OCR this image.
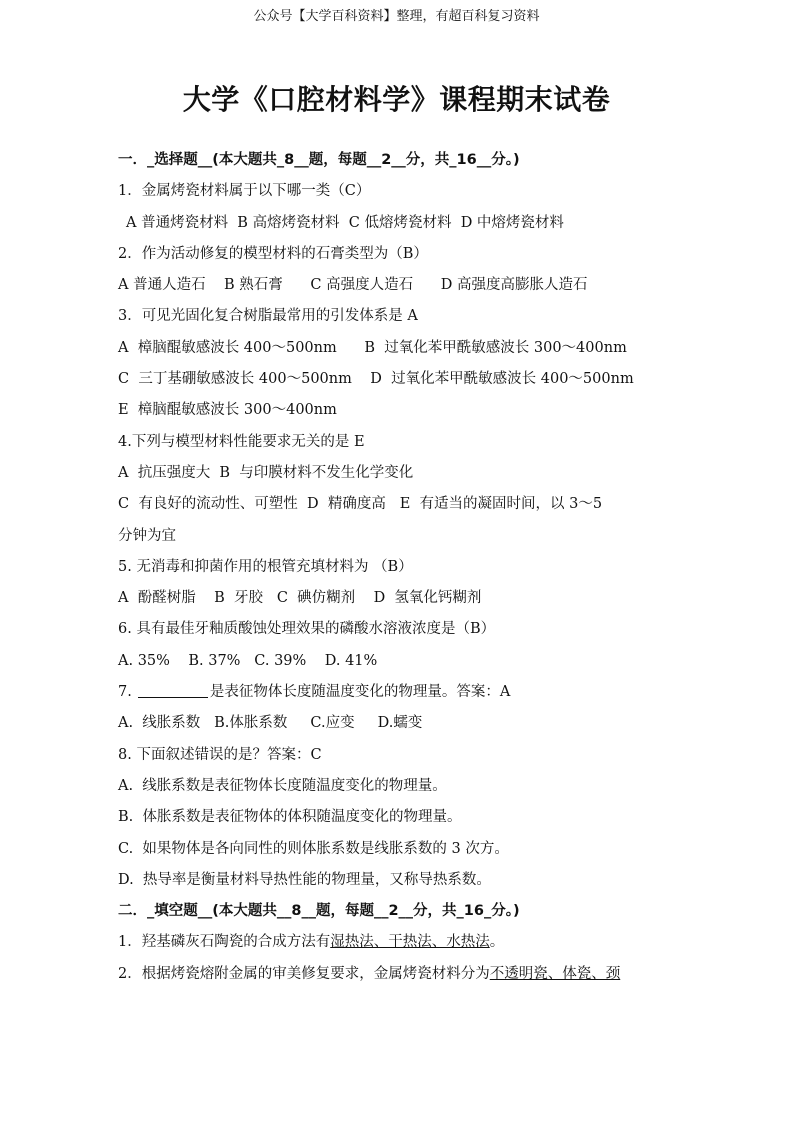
公众号【大学百科资料】整理，有超百科复习资料
大学《口腔材料学》课程期末试卷
一．_选择题__(本大题共_8__题，每题__2__分，共_16__分。)
1．金属烤瓷材料属于以下哪一类（C）
A 普通烤瓷材料  B 高熔烤瓷材料  C 低熔烤瓷材料  D 中熔烤瓷材料
2．作为活动修复的模型材料的石膏类型为（B）
A 普通人造石    B 熟石膏      C 高强度人造石      D 高强度高膨胀人造石
3．可见光固化复合树脂最常用的引发体系是 A
A  樟脑醌敏感波长 400～500nm      B  过氧化苯甲酰敏感波长 300～400nm
C  三丁基硼敏感波长 400～500nm    D  过氧化苯甲酰敏感波长 400～500nm
E  樟脑醌敏感波长 300～400nm
4.下列与模型材料性能要求无关的是 E
A  抗压强度大  B  与印膜材料不发生化学变化
C  有良好的流动性、可塑性  D  精确度高   E  有适当的凝固时间，以 3～5
分钟为宜
5. 无消毒和抑菌作用的根管充填材料为 （B）
A  酚醛树脂    B  牙胶   C  碘仿糊剂    D  氢氧化钙糊剂
6. 具有最佳牙釉质酸蚀处理效果的磷酸水溶液浓度是（B）
A. 35%    B. 37%   C. 39%    D. 41%
7.	是表征物体长度随温度变化的物理量。答案：A
A.  线胀系数   B.体胀系数     C.应变     D.蠕变
8. 下面叙述错误的是？答案：C
A.  线胀系数是表征物体长度随温度变化的物理量。
B.  体胀系数是表征物体的体积随温度变化的物理量。
C.  如果物体是各向同性的则体胀系数是线胀系数的 3 次方。
D.  热导率是衡量材料导热性能的物理量，又称导热系数。
二．_填空题__(本大题共__8__题，每题__2__分，共_16_分。)
1．羟基磷灰石陶瓷的合成方法有湿热法、干热法、水热法。
2．根据烤瓷熔附金属的审美修复要求，金属烤瓷材料分为不透明瓷、体瓷、颈
